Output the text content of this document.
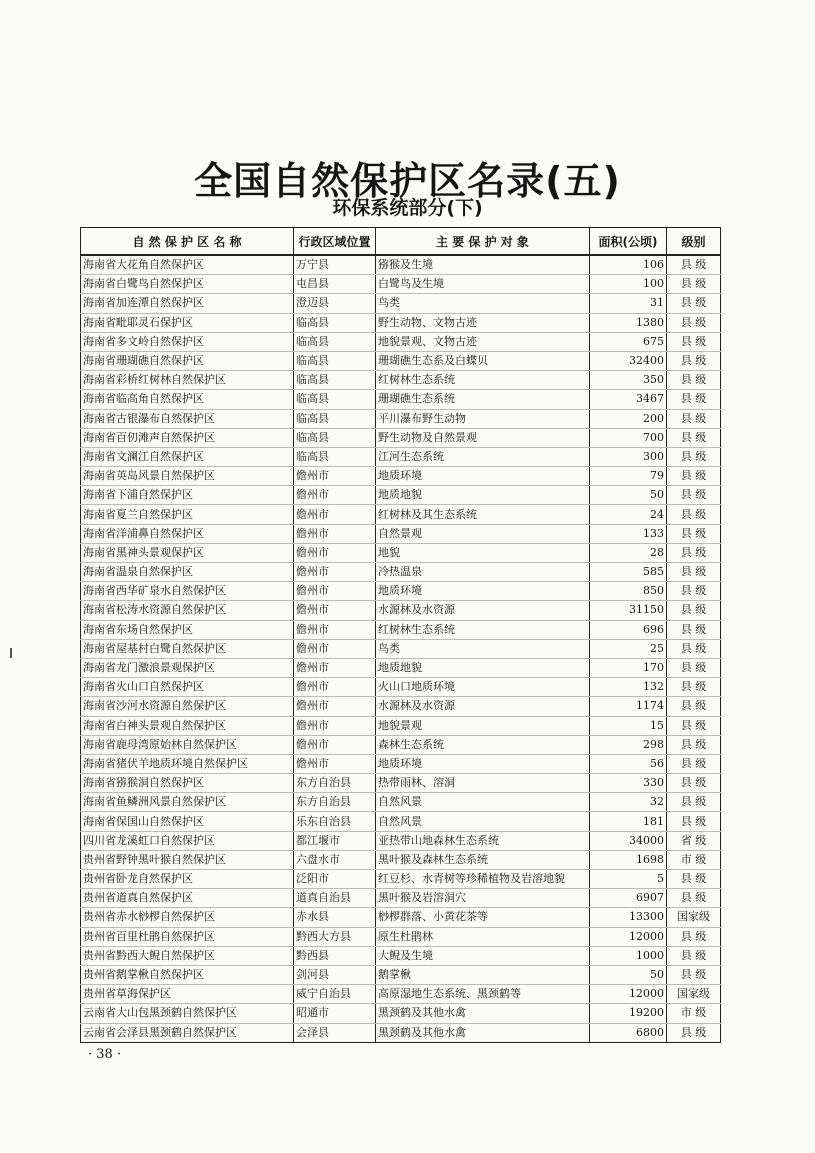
全国自然保护区名录(五)
环保系统部分(下)
自 然 保 护 区 名 称	行政区域位置	主 要 保 护 对 象	面积(公顷)	级别
海南省大花角自然保护区	万宁县	猕猴及生境	106	县 级
海南省白鹭鸟自然保护区	屯昌县	白鹭鸟及生境	100	县 级
海南省加连潭自然保护区	澄迈县	鸟类	31	县 级
海南省毗耶灵石保护区	临高县	野生动物、文物古迹	1380	县 级
海南省多文岭自然保护区	临高县	地貌景观、文物古迹	675	县 级
海南省珊瑚礁自然保护区	临高县	珊瑚礁生态系及白蝶贝	32400	县 级
海南省彩桥红树林自然保护区	临高县	红树林生态系统	350	县 级
海南省临高角自然保护区	临高县	珊瑚礁生态系统	3467	县 级
海南省古银瀑布自然保护区	临高县	平川瀑布野生动物	200	县 级
海南省百仞滩声自然保护区	临高县	野生动物及自然景观	700	县 级
海南省文澜江自然保护区	临高县	江河生态系统	300	县 级
海南省英岛风景自然保护区	儋州市	地质环境	79	县 级
海南省下浦自然保护区	儋州市	地质地貌	50	县 级
海南省夏兰自然保护区	儋州市	红树林及其生态系统	24	县 级
海南省洋浦鼻自然保护区	儋州市	自然景观	133	县 级
海南省黑神头景观保护区	儋州市	地貌	28	县 级
海南省温泉自然保护区	儋州市	冷热温泉	585	县 级
海南省西华矿泉水自然保护区	儋州市	地质环境	850	县 级
海南省松涛水资源自然保护区	儋州市	水源林及水资源	31150	县 级
海南省东场自然保护区	儋州市	红树林生态系统	696	县 级
海南省屋基村白鹭自然保护区	儋州市	鸟类	25	县 级
海南省龙门激浪景观保护区	儋州市	地质地貌	170	县 级
海南省火山口自然保护区	儋州市	火山口地质环境	132	县 级
海南省沙河水资源自然保护区	儋州市	水源林及水资源	1174	县 级
海南省白神头景观自然保护区	儋州市	地貌景观	15	县 级
海南省鹿母湾原始林自然保护区	儋州市	森林生态系统	298	县 级
海南省猪伏羊地质环境自然保护区	儋州市	地质环境	56	县 级
海南省猕猴洞自然保护区	东方自治县	热带雨林、溶洞	330	县 级
海南省鱼鳞洲风景自然保护区	东方自治县	自然风景	32	县 级
海南省保国山自然保护区	乐东自治县	自然风景	181	县 级
四川省龙溪虹口自然保护区	都江堰市	亚热带山地森林生态系统	34000	省 级
贵州省野钟黑叶猴自然保护区	六盘水市	黑叶猴及森林生态系统	1698	市 级
贵州省卧龙自然保护区	泛阳市	红豆杉、水青树等珍稀植物及岩溶地貌	5	县 级
贵州省道真自然保护区	道真自治县	黑叶猴及岩溶洞穴	6907	县 级
贵州省赤水桫椤自然保护区	赤水县	桫椤群落、小黄花茶等	13300	国家级
贵州省百里杜鹃自然保护区	黔西大方县	原生杜鹃林	12000	县 级
贵州省黔西大鲵自然保护区	黔西县	大鲵及生境	1000	县 级
贵州省鹅掌楸自然保护区	剑河县	鹅掌楸	50	县 级
贵州省草海保护区	威宁自治县	高原湿地生态系统、黑颈鹤等	12000	国家级
云南省大山包黑颈鹤自然保护区	昭通市	黑颈鹤及其他水禽	19200	市 级
云南省会泽县黑颈鹤自然保护区	会泽县	黑颈鹤及其他水禽	6800	县 级
· 38 ·
